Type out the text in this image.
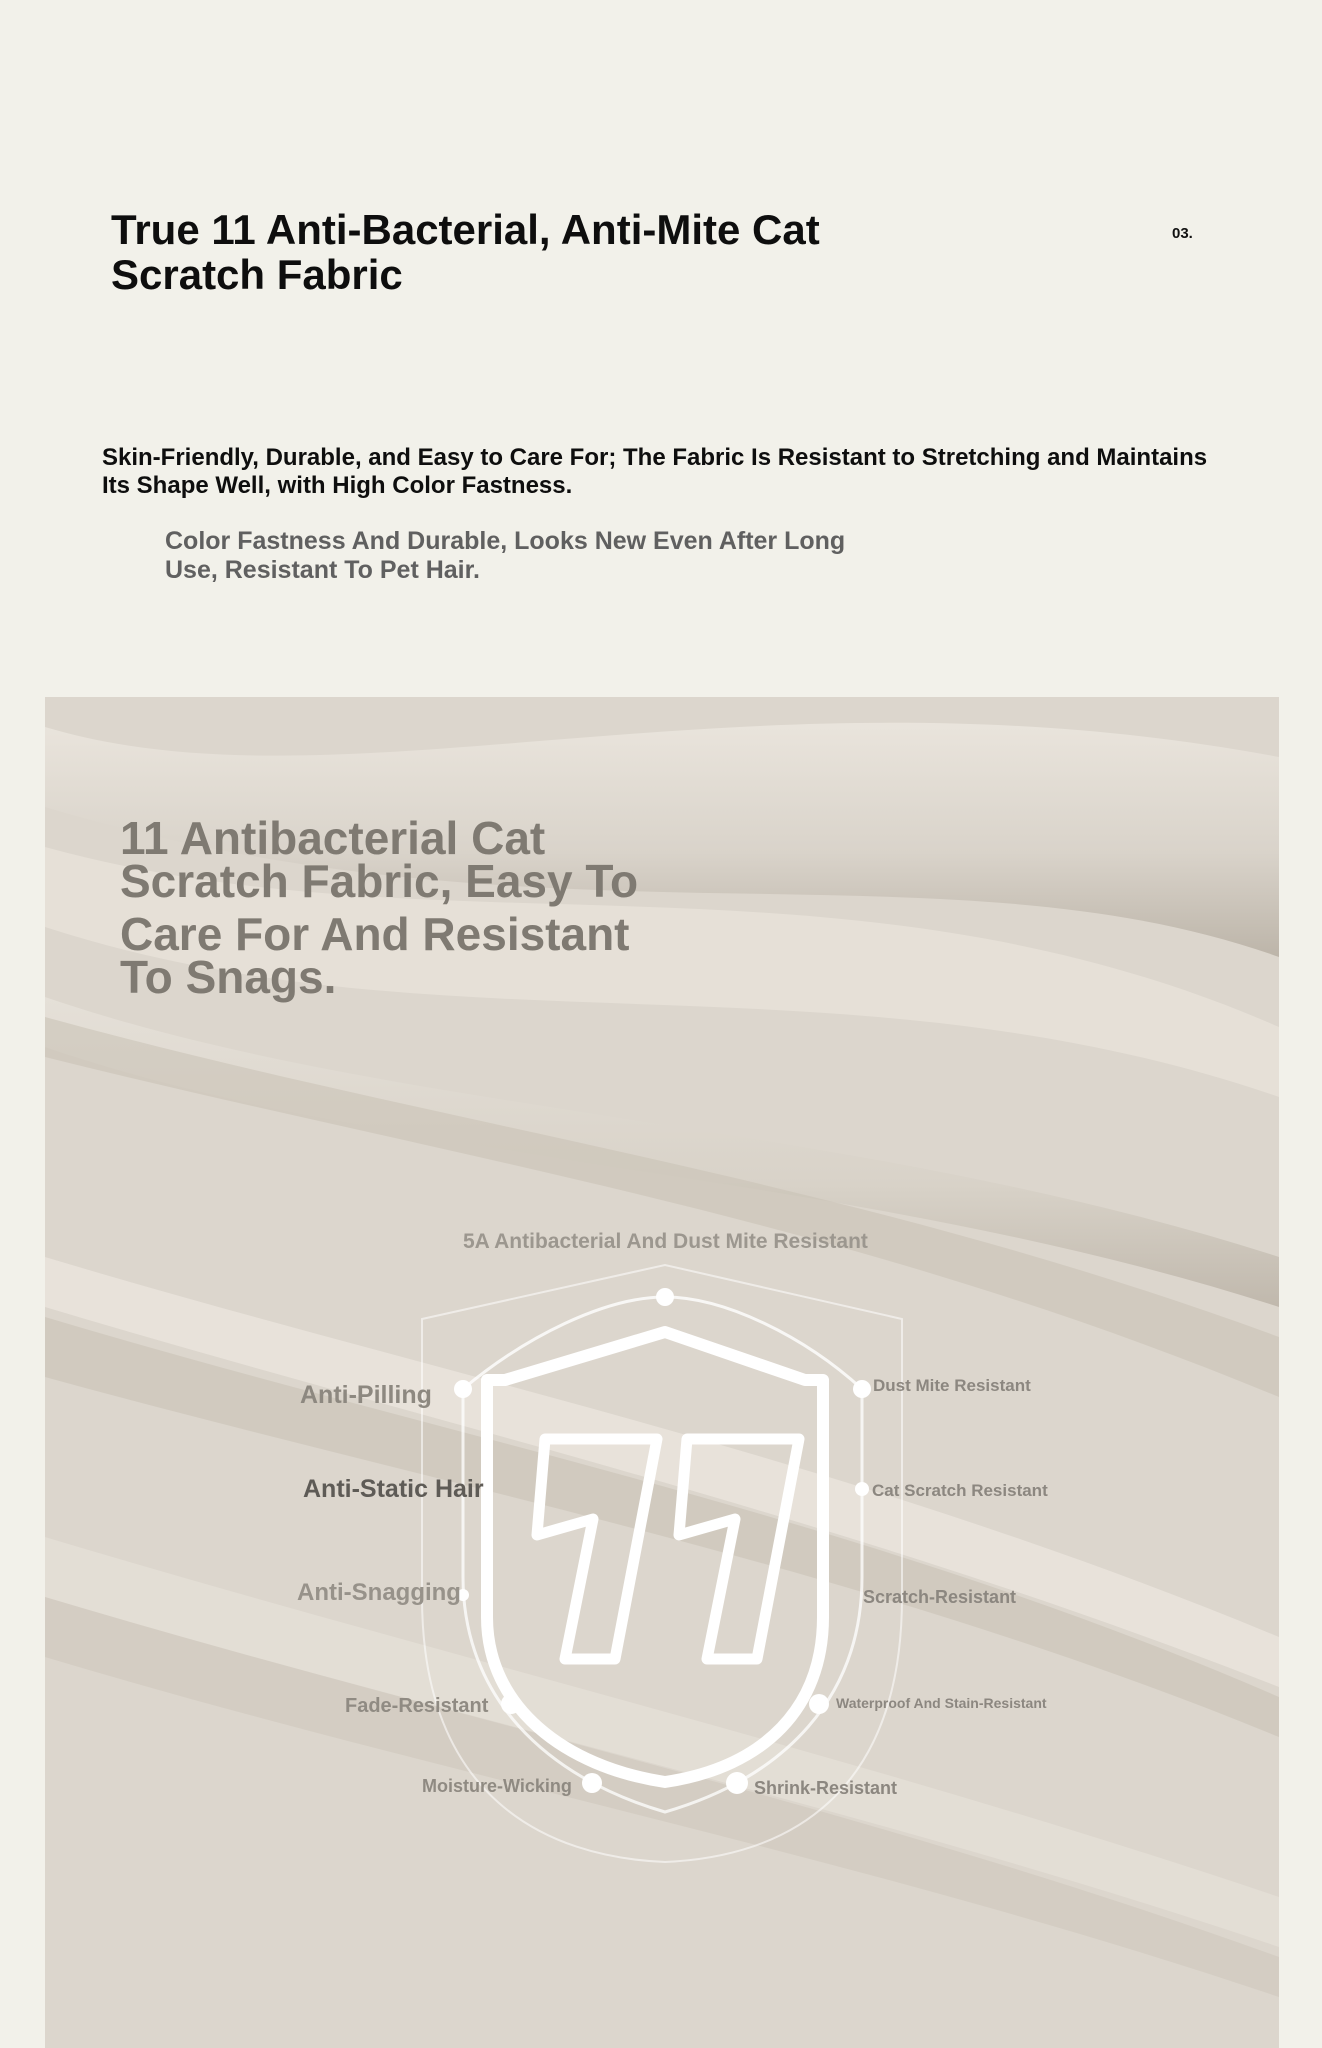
True 11 Anti-Bacterial, Anti-Mite Cat Scratch Fabric
03.
Skin-Friendly, Durable, and Easy to Care For; The Fabric Is Resistant to Stretching and Maintains Its Shape Well, with High Color Fastness.
Color Fastness And Durable, Looks New Even After Long Use, Resistant To Pet Hair.
11 Antibacterial Cat
Scratch Fabric, Easy To

Care For And Resistant
To Snags.
5A Antibacterial And Dust Mite Resistant
Anti-Pilling
Anti-Static Hair
Anti-Snagging
Fade-Resistant
Moisture-Wicking
Dust Mite Resistant
Cat Scratch Resistant
Scratch-Resistant
Waterproof And Stain-Resistant
Shrink-Resistant
